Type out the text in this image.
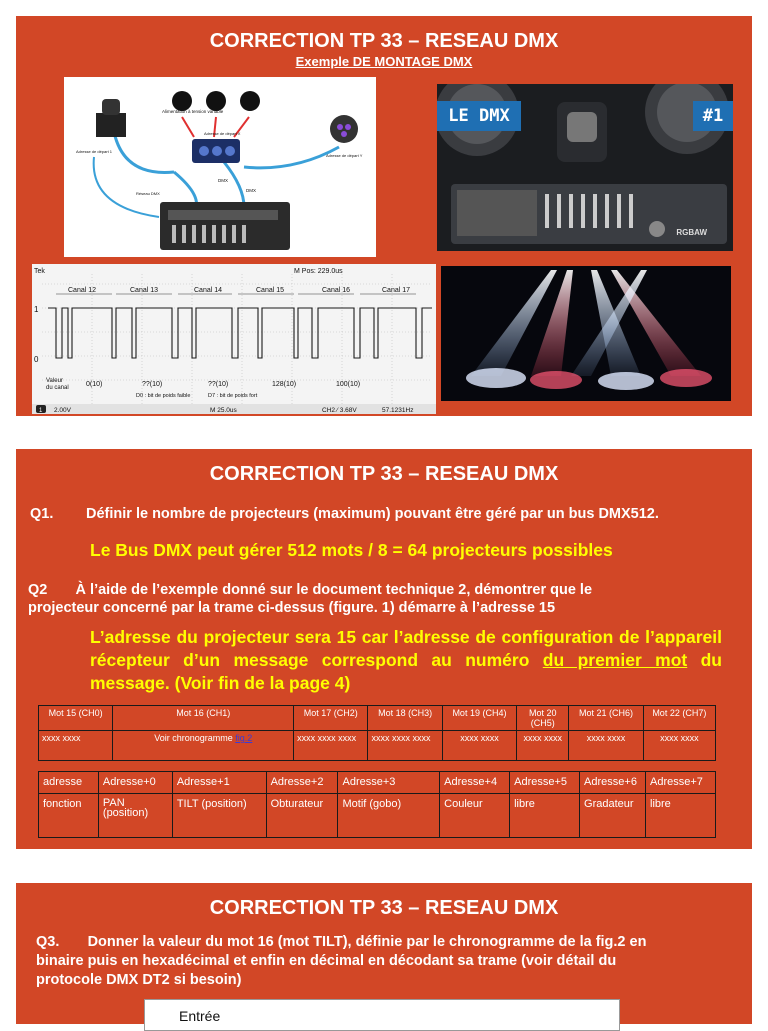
CORRECTION TP 33 – RESEAU DMX
Exemple DE MONTAGE DMX
Alimentation à tension variable
Adresse de départ X
Adresse de départ 1
Adresse de départ Y
DMX
DMX
Réseau DMX
LE DMX	#1
RGBAW
Tek	M Pos: 229.0us
Canal 12	Canal 13	Canal 14	Canal 15	Canal 16	Canal 17
1
0
Valeur
du canal 0(10)	??(10)	??(10)	128(10)	100(10)
D0 : bit de poids faible	D7 : bit de poids fort
1 2.00V	M 25.0us	CH2 ⁄ 3.68V	57.1231Hz
CORRECTION TP 33 – RESEAU DMX
Q1. Définir le nombre de projecteurs (maximum) pouvant être géré par un bus DMX512.
Le Bus DMX peut gérer 512 mots / 8 = 64 projecteurs possibles
Q2       À l’aide de l’exemple donné sur le document technique 2, démontrer que le
projecteur concerné par la trame ci-dessus (figure. 1) démarre à l’adresse 15
L’adresse du projecteur sera 15 car l’adresse de configuration de l’appareil récepteur d’un message correspond au numéro du premier mot du message. (Voir fin de la page 4)
Mot 15 (CH0)	Mot 16 (CH1)	Mot 17 (CH2)	Mot 18 (CH3)	Mot 19 (CH4)	Mot 20 (CH5)	Mot 21 (CH6)	Mot 22 (CH7)
xxxx xxxx	Voir chronogramme fig.2	xxxx xxxx xxxx	xxxx xxxx xxxx	xxxx xxxx	xxxx xxxx	xxxx xxxx	xxxx xxxx
adresse	Adresse+0	Adresse+1	Adresse+2	Adresse+3	Adresse+4	Adresse+5	Adresse+6	Adresse+7
fonction	PAN (position)	TILT (position)	Obturateur	Motif (gobo)	Couleur	libre	Gradateur	libre
CORRECTION TP 33 – RESEAU DMX
Q3.       Donner la valeur du mot 16 (mot TILT), définie par le chronogramme de la fig.2 en
binaire puis en hexadécimal et enfin en décimal en décodant sa trame (voir détail du
protocole DMX DT2 si besoin)
Entrée
